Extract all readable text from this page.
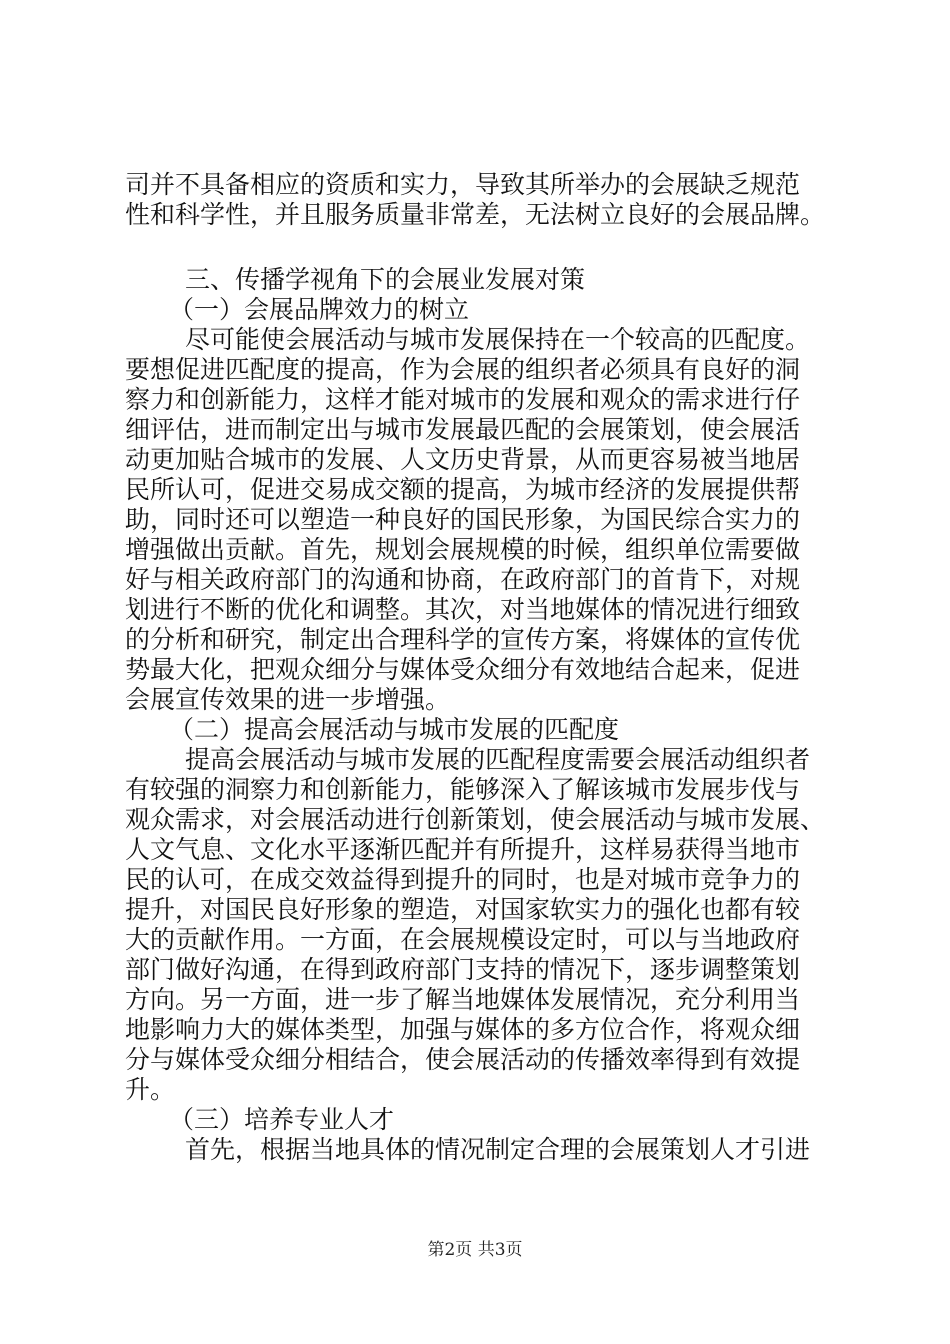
司并不具备相应的资质和实力，导致其所举办的会展缺乏规范
性和科学性，并且服务质量非常差，无法树立良好的会展品牌。
三、传播学视角下的会展业发展对策
（一）会展品牌效力的树立
尽可能使会展活动与城市发展保持在一个较高的匹配度。
要想促进匹配度的提高，作为会展的组织者必须具有良好的洞
察力和创新能力，这样才能对城市的发展和观众的需求进行仔
细评估，进而制定出与城市发展最匹配的会展策划，使会展活
动更加贴合城市的发展、人文历史背景，从而更容易被当地居
民所认可，促进交易成交额的提高，为城市经济的发展提供帮
助，同时还可以塑造一种良好的国民形象，为国民综合实力的
增强做出贡献。首先，规划会展规模的时候，组织单位需要做
好与相关政府部门的沟通和协商，在政府部门的首肯下，对规
划进行不断的优化和调整。其次，对当地媒体的情况进行细致
的分析和研究，制定出合理科学的宣传方案，将媒体的宣传优
势最大化，把观众细分与媒体受众细分有效地结合起来，促进
会展宣传效果的进一步增强。
（二）提高会展活动与城市发展的匹配度
提高会展活动与城市发展的匹配程度需要会展活动组织者
有较强的洞察力和创新能力，能够深入了解该城市发展步伐与
观众需求，对会展活动进行创新策划，使会展活动与城市发展、
人文气息、文化水平逐渐匹配并有所提升，这样易获得当地市
民的认可，在成交效益得到提升的同时，也是对城市竞争力的
提升，对国民良好形象的塑造，对国家软实力的强化也都有较
大的贡献作用。一方面，在会展规模设定时，可以与当地政府
部门做好沟通，在得到政府部门支持的情况下，逐步调整策划
方向。另一方面，进一步了解当地媒体发展情况，充分利用当
地影响力大的媒体类型，加强与媒体的多方位合作，将观众细
分与媒体受众细分相结合，使会展活动的传播效率得到有效提
升。
（三）培养专业人才
首先，根据当地具体的情况制定合理的会展策划人才引进
第2页 共3页
